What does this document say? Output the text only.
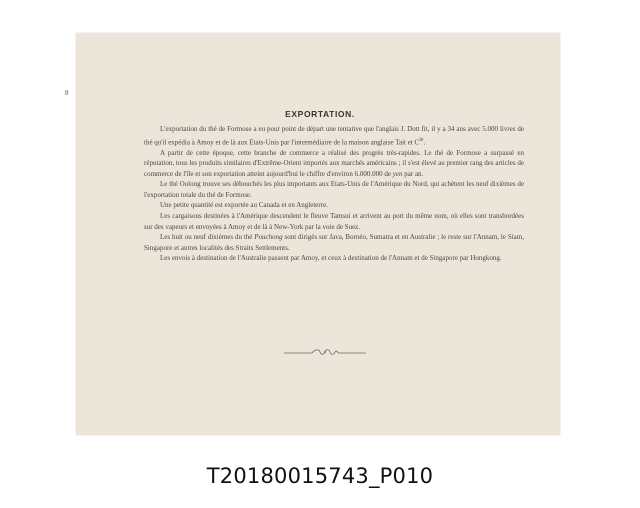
8
EXPORTATION.

L'exportation du thé de Formose a eu pour point de départ une tentative que l'anglais J. Dott fit, il y a 34 ans avec 5.000 livres de thé qu'il expédia à Amoy et de là aux Etats-Unis par l'intermédiaire de la maison anglaise Tait et $C^{ie}$.

A partir de cette époque, cette branche de commerce a réalisé des progrès très-rapides. Le thé de Formose a surpassé en réputation, tous les produits similaires d'Extrême-Orient importés aux marchés américains ; il s'est élevé au premier rang des articles de commerce de l'île et son exportation atteint aujourd'hui le chiffre d'environ 6.000.000 de yen par an.

Le thé Oolong trouve ses débouchés les plus importants aux Etats-Unis de l'Amérique du Nord, qui achètent les neuf dixièmes de l'exportation totale du thé de Formose.

Une petite quantité est exportée au Canada et en Angleterre.

Les cargaisons destinées à l'Amérique descendent le fleuve Tamsui et arrivent au port du même nom, où elles sont transbordées sur des vapeurs et envoyées à Amoy et de là à New-York par la voie de Suez.

Les huit ou neuf dixièmes du thé Pouchong sont dirigés sur Java, Bornéo, Sumatra et en Australie ; le reste sur l'Annam, le Siam, Singapore et autres localités des Straits Settlements.

Les envois à destination de l'Australie passent par Amoy, et ceux à destination de l'Annam et de Singapore par Hongkong.

T20180015743_P010
